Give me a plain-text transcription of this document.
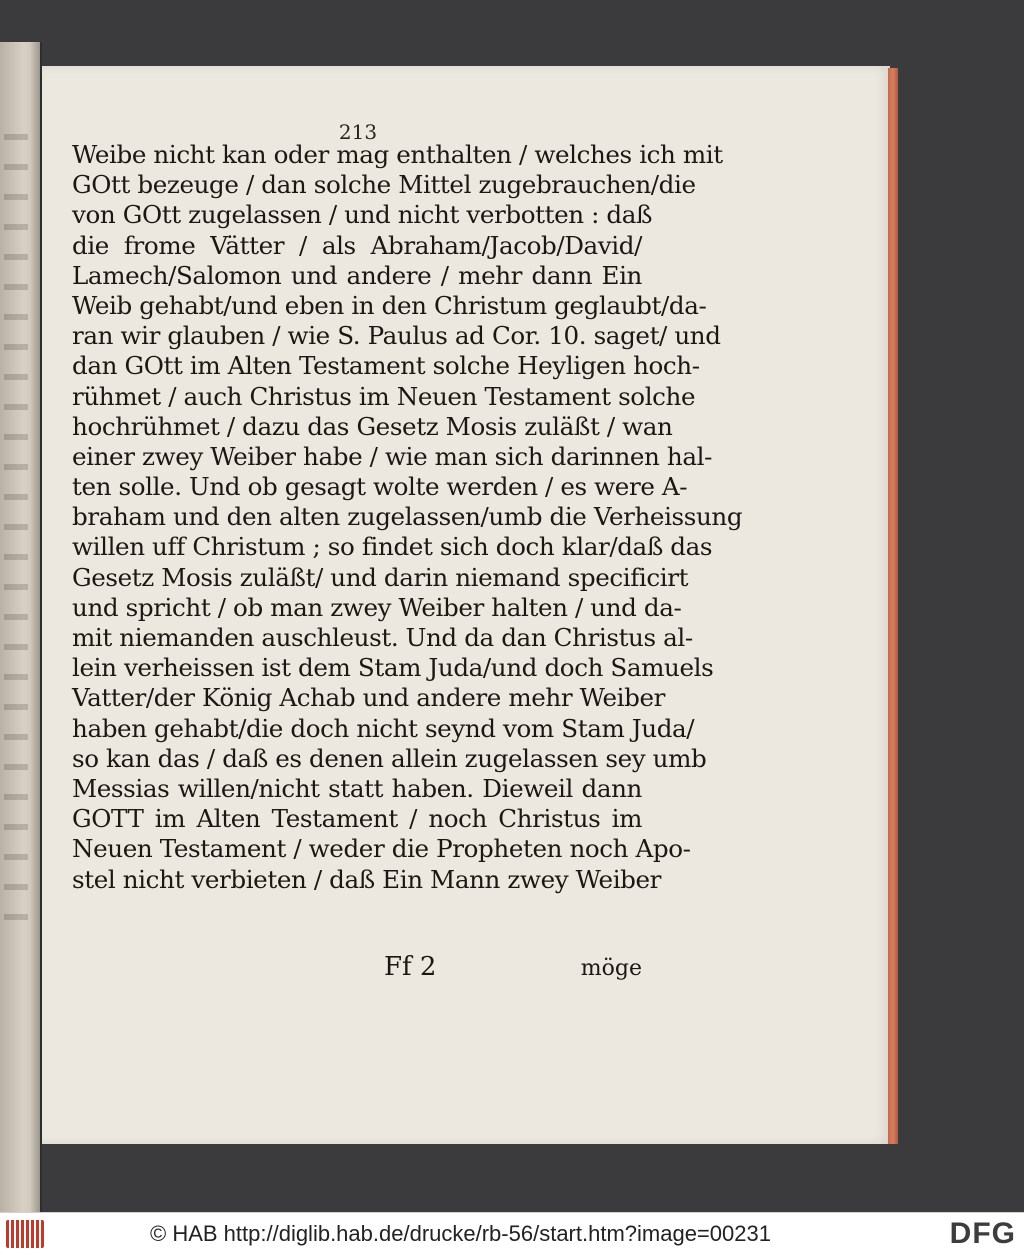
213
Weibe nicht kan oder mag enthalten / welches ich mit
GOtt bezeuge / dan solche Mittel zugebrauchen/die
von GOtt zugelassen / und nicht verbotten : daß
die frome Vätter / als Abraham/Jacob/David/
Lamech/Salomon und andere / mehr dann Ein
Weib gehabt/und eben in den Christum geglaubt/da-
ran wir glauben / wie S. Paulus ad Cor. 10. saget/ und
dan GOtt im Alten Testament solche Heyligen hoch-
rühmet / auch Christus im Neuen Testament solche
hochrühmet / dazu das Gesetz Mosis zuläßt / wan
einer zwey Weiber habe / wie man sich darinnen hal-
ten solle. Und ob gesagt wolte werden / es were A-
braham und den alten zugelassen/umb die Verheissung
willen uff Christum ; so findet sich doch klar/daß das
Gesetz Mosis zuläßt/ und darin niemand specificirt
und spricht / ob man zwey Weiber halten / und da-
mit niemanden auschleust. Und da dan Christus al-
lein verheissen ist dem Stam Juda/und doch Samuels
Vatter/der König Achab und andere mehr Weiber
haben gehabt/die doch nicht seynd vom Stam Juda/
so kan das / daß es denen allein zugelassen sey umb
Messias willen/nicht statt haben. Dieweil dann
GOTT im Alten Testament / noch Christus im
Neuen Testament / weder die Propheten noch Apo-
stel nicht verbieten / daß Ein Mann zwey Weiber
Ff 2	möge
© HAB http://diglib.hab.de/drucke/rb-56/start.htm?image=00231	DFG
